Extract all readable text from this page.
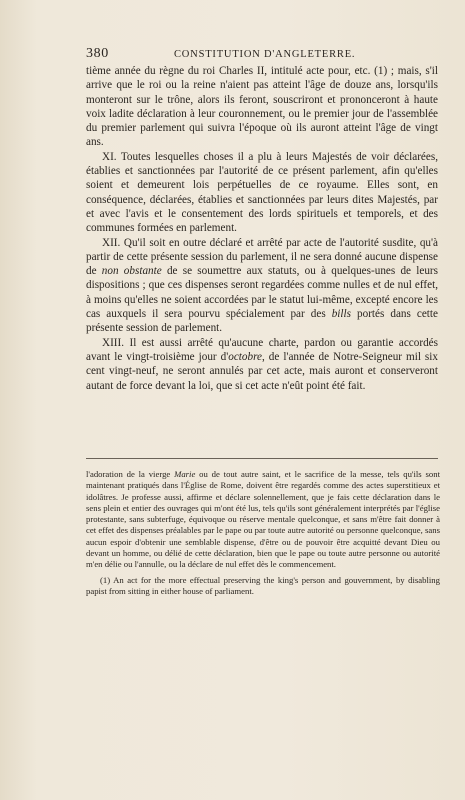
380	CONSTITUTION D'ANGLETERRE.

tième année du règne du roi Charles II, intitulé acte pour, etc. (1) ; mais, s'il arrive que le roi ou la reine n'aient pas atteint l'âge de douze ans, lorsqu'ils monteront sur le trône, alors ils feront, souscriront et prononceront à haute voix ladite déclaration à leur couronnement, ou le premier jour de l'assemblée du premier parlement qui suivra l'époque où ils auront atteint l'âge de vingt ans.

XI. Toutes lesquelles choses il a plu à leurs Majestés de voir déclarées, établies et sanctionnées par l'autorité de ce présent parlement, afin qu'elles soient et demeurent lois perpétuelles de ce royaume. Elles sont, en conséquence, déclarées, établies et sanctionnées par leurs dites Majestés, par et avec l'avis et le consentement des lords spirituels et temporels, et des communes formées en parlement.

XII. Qu'il soit en outre déclaré et arrêté par acte de l'autorité susdite, qu'à partir de cette présente session du parlement, il ne sera donné aucune dispense de non obstante de se soumettre aux statuts, ou à quelques-unes de leurs dispositions ; que ces dispenses seront regardées comme nulles et de nul effet, à moins qu'elles ne soient accordées par le statut lui-même, excepté encore les cas auxquels il sera pourvu spécialement par des bills portés dans cette présente session de parlement.

XIII. Il est aussi arrêté qu'aucune charte, pardon ou garantie accordés avant le vingt-troisième jour d'octobre, de l'année de Notre-Seigneur mil six cent vingt-neuf, ne seront annulés par cet acte, mais auront et conserveront autant de force devant la loi, que si cet acte n'eût point été fait.

l'adoration de la vierge Marie ou de tout autre saint, et le sacrifice de la messe, tels qu'ils sont maintenant pratiqués dans l'Église de Rome, doivent être regardés comme des actes superstitieux et idolâtres. Je professe aussi, affirme et déclare solennellement, que je fais cette déclaration dans le sens plein et entier des ouvrages qui m'ont été lus, tels qu'ils sont généralement interprétés par l'église protestante, sans subterfuge, équivoque ou réserve mentale quelconque, et sans m'être fait donner à cet effet des dispenses préalables par le pape ou par toute autre autorité ou personne quelconque, sans aucun espoir d'obtenir une semblable dispense, d'être ou de pouvoir être acquitté devant Dieu ou devant un homme, ou délié de cette déclaration, bien que le pape ou toute autre personne ou autorité m'en délie ou l'annulle, ou la déclare de nul effet dès le commencement.

(1) An act for the more effectual preserving the king's person and gouvernment, by disabling papist from sitting in either house of parliament.
